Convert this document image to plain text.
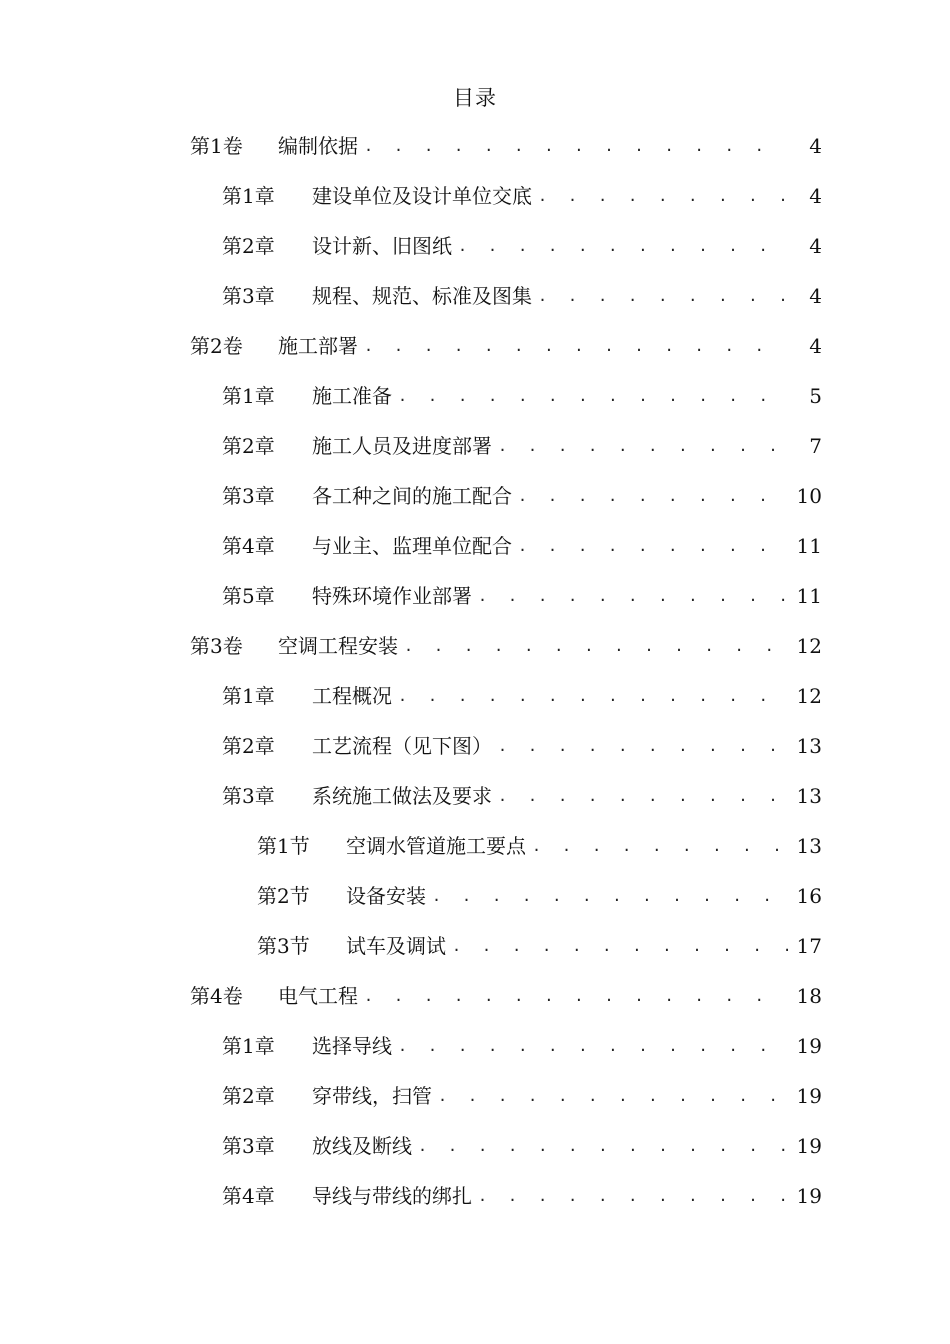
目录
第1卷	编制依据 . . .	4
第1章	建设单位及设计单位交底 . . .	4
第2章	设计新、旧图纸 . . .	4
第3章	规程、规范、标准及图集 . . .	4
第2卷	施工部署 . . .	4
第1章	施工准备 . . .	5
第2章	施工人员及进度部署 . . .	7
第3章	各工种之间的施工配合 . . .	10
第4章	与业主、监理单位配合 . . .	11
第5章	特殊环境作业部署 . . .	11
第3卷	空调工程安装 . . .	12
第1章	工程概况 . . .	12
第2章	工艺流程（见下图） . . .	13
第3章	系统施工做法及要求 . . .	13
第1节	空调水管道施工要点 . . .	13
第2节	设备安装 . . .	16
第3节	试车及调试 . . .	17
第4卷	电气工程 . . .	18
第1章	选择导线 . . .	19
第2章	穿带线，扫管 . . .	19
第3章	放线及断线 . . .	19
第4章	导线与带线的绑扎 . . .	19
